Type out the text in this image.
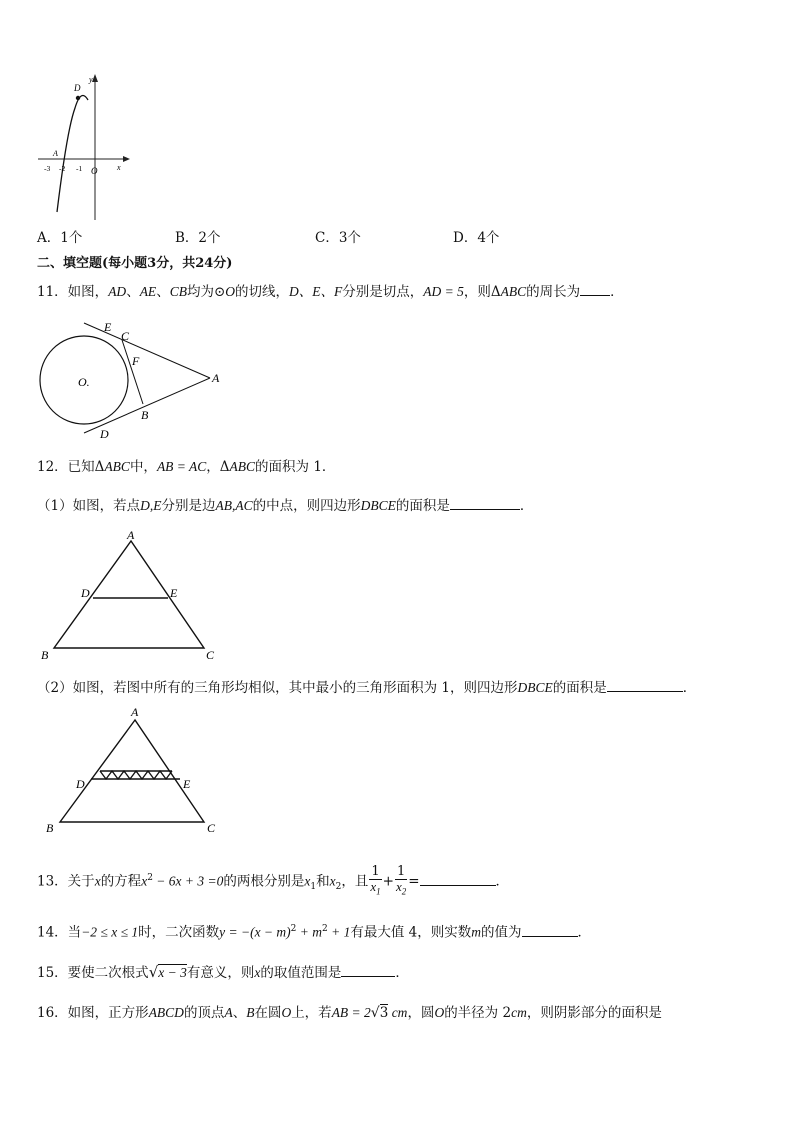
y
x
D
A
-3 -2 -1 O
A．1个	B．2个	C．3个	D．4个
二、填空题(每小题3分，共24分)
11．如图，AD、AE、CB均为⊙O的切线，D、E、F分别是切点，AD = 5，则ΔABC的周长为 ．
E
C
F
O.	A
B
D
12．已知ΔABC中，AB = AC，ΔABC的面积为 1．
（1）如图，若点D,E分别是边AB,AC的中点，则四边形DBCE的面积是	．
A
D	E
B	C
（2）如图，若图中所有的三角形均相似，其中最小的三角形面积为 1，则四边形DBCE的面积是	．
A
D	E
B	C
13．关于x的方程$x^2 - 6x + 3 =0$的两根分别是$x_1$和$x_2$，且 $\frac{1}{x_1} + \frac{1}{x_2}$ =	．
14．当−2 ≤ x ≤ 1时，二次函数$y = -(x - m)^2 + m^2 + 1$有最大值 4，则实数m的值为	．
15．要使二次根式√x − 3有意义，则x的取值范围是	．
16．如图，正方形ABCD的顶点A、B在圆O上，若AB = 2√3 cm，圆O的半径为 2cm，则阴影部分的面积是
